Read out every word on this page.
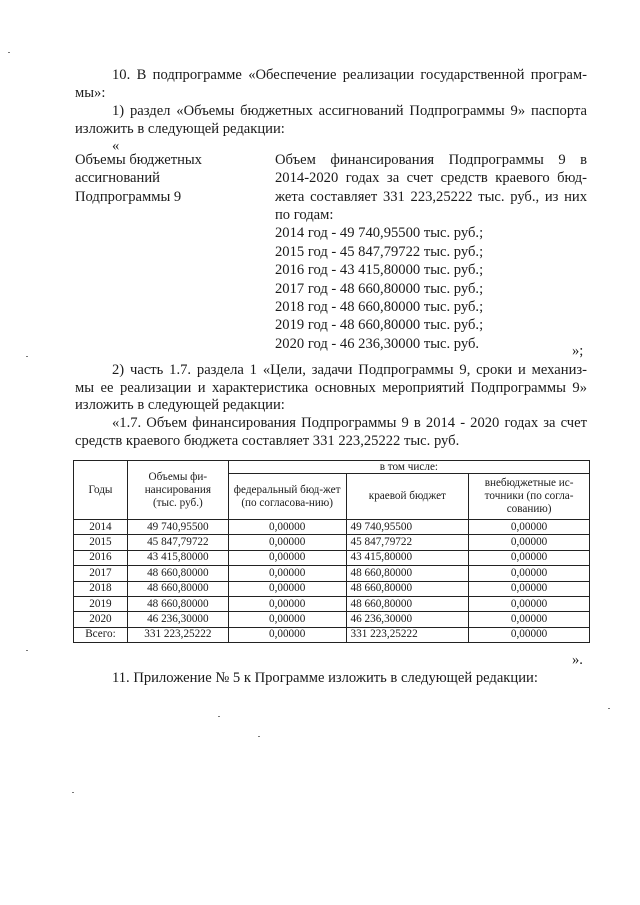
10. В подпрограмме «Обеспечение реализации государственной програм-
мы»:
1) раздел «Объемы бюджетных ассигнований Подпрограммы 9» паспорта
изложить в следующей редакции:
«
Объемы бюджетных
ассигнований
Подпрограммы 9
Объем финансирования Подпрограммы 9 в
2014-2020 годах за счет средств краевого бюд-
жета составляет 331 223,25222 тыс. руб., из них
по годам:
2014 год - 49 740,95500 тыс. руб.;
2015 год - 45 847,79722 тыс. руб.;
2016 год - 43 415,80000 тыс. руб.;
2017 год - 48 660,80000 тыс. руб.;
2018 год - 48 660,80000 тыс. руб.;
2019 год - 48 660,80000 тыс. руб.;
2020 год - 46 236,30000 тыс. руб.	»;
2) часть 1.7. раздела 1 «Цели, задачи Подпрограммы 9, сроки и механиз-
мы ее реализации и характеристика основных мероприятий Подпрограммы 9»
изложить в следующей редакции:
«1.7. Объем финансирования Подпрограммы 9 в 2014 - 2020 годах за счет
средств краевого бюджета составляет 331 223,25222 тыс. руб.
Годы	Объемы фи-нансирования (тыс. руб.)	в том числе:		
		федеральный бюд-жет (по согласова-нию)	краевой бюджет	внебюджетные ис-точники (по согла-сованию)
2014	49 740,95500	0,00000	49 740,95500	0,00000
2015	45 847,79722	0,00000	45 847,79722	0,00000
2016	43 415,80000	0,00000	43 415,80000	0,00000
2017	48 660,80000	0,00000	48 660,80000	0,00000
2018	48 660,80000	0,00000	48 660,80000	0,00000
2019	48 660,80000	0,00000	48 660,80000	0,00000
2020	46 236,30000	0,00000	46 236,30000	0,00000
Всего:	331 223,25222	0,00000	331 223,25222	0,00000
».
11. Приложение № 5 к Программе изложить в следующей редакции:
